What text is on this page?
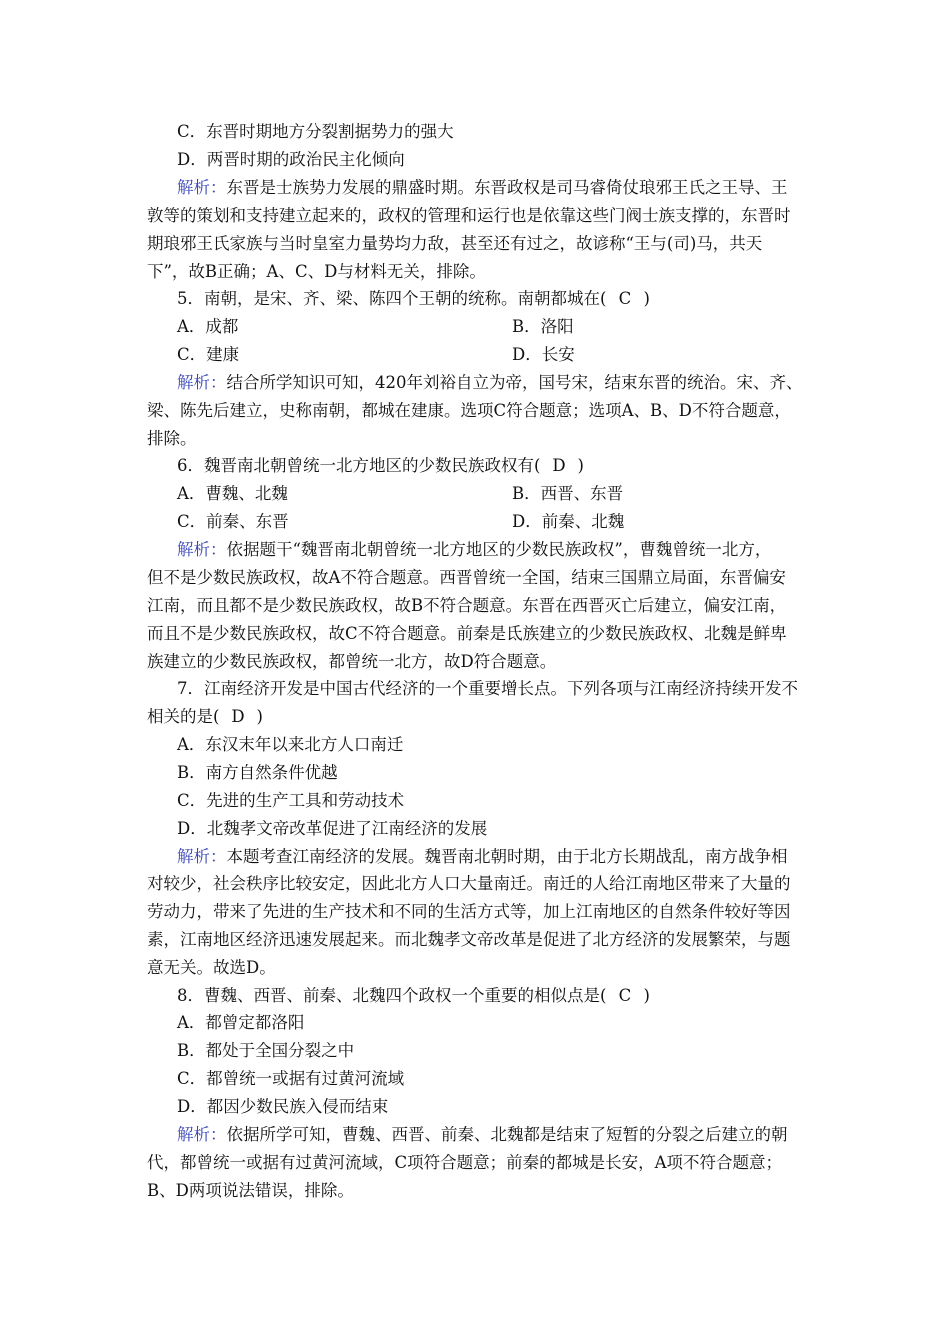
C．东晋时期地方分裂割据势力的强大
D．两晋时期的政治民主化倾向
解析：东晋是士族势力发展的鼎盛时期。东晋政权是司马睿倚仗琅邪王氏之王导、王
敦等的策划和支持建立起来的，政权的管理和运行也是依靠这些门阀士族支撑的，东晋时
期琅邪王氏家族与当时皇室力量势均力敌，甚至还有过之，故谚称“王与(司)马，共天
下”，故B正确；A、C、D与材料无关，排除。
5．南朝，是宋、齐、梁、陈四个王朝的统称。南朝都城在( C )
A．成都	B．洛阳
C．建康	D．长安
解析：结合所学知识可知，420年刘裕自立为帝，国号宋，结束东晋的统治。宋、齐、
梁、陈先后建立，史称南朝，都城在建康。选项C符合题意；选项A、B、D不符合题意，
排除。
6．魏晋南北朝曾统一北方地区的少数民族政权有( D )
A．曹魏、北魏	B．西晋、东晋
C．前秦、东晋	D．前秦、北魏
解析：依据题干“魏晋南北朝曾统一北方地区的少数民族政权”，曹魏曾统一北方，
但不是少数民族政权，故A不符合题意。西晋曾统一全国，结束三国鼎立局面，东晋偏安
江南，而且都不是少数民族政权，故B不符合题意。东晋在西晋灭亡后建立，偏安江南，
而且不是少数民族政权，故C不符合题意。前秦是氐族建立的少数民族政权、北魏是鲜卑
族建立的少数民族政权，都曾统一北方，故D符合题意。
7．江南经济开发是中国古代经济的一个重要增长点。下列各项与江南经济持续开发不
相关的是( D )
A．东汉末年以来北方人口南迁
B．南方自然条件优越
C．先进的生产工具和劳动技术
D．北魏孝文帝改革促进了江南经济的发展
解析：本题考查江南经济的发展。魏晋南北朝时期，由于北方长期战乱，南方战争相
对较少，社会秩序比较安定，因此北方人口大量南迁。南迁的人给江南地区带来了大量的
劳动力，带来了先进的生产技术和不同的生活方式等，加上江南地区的自然条件较好等因
素，江南地区经济迅速发展起来。而北魏孝文帝改革是促进了北方经济的发展繁荣，与题
意无关。故选D。
8．曹魏、西晋、前秦、北魏四个政权一个重要的相似点是( C )
A．都曾定都洛阳
B．都处于全国分裂之中
C．都曾统一或据有过黄河流域
D．都因少数民族入侵而结束
解析：依据所学可知，曹魏、西晋、前秦、北魏都是结束了短暂的分裂之后建立的朝
代，都曾统一或据有过黄河流域，C项符合题意；前秦的都城是长安，A项不符合题意；
B、D两项说法错误，排除。
